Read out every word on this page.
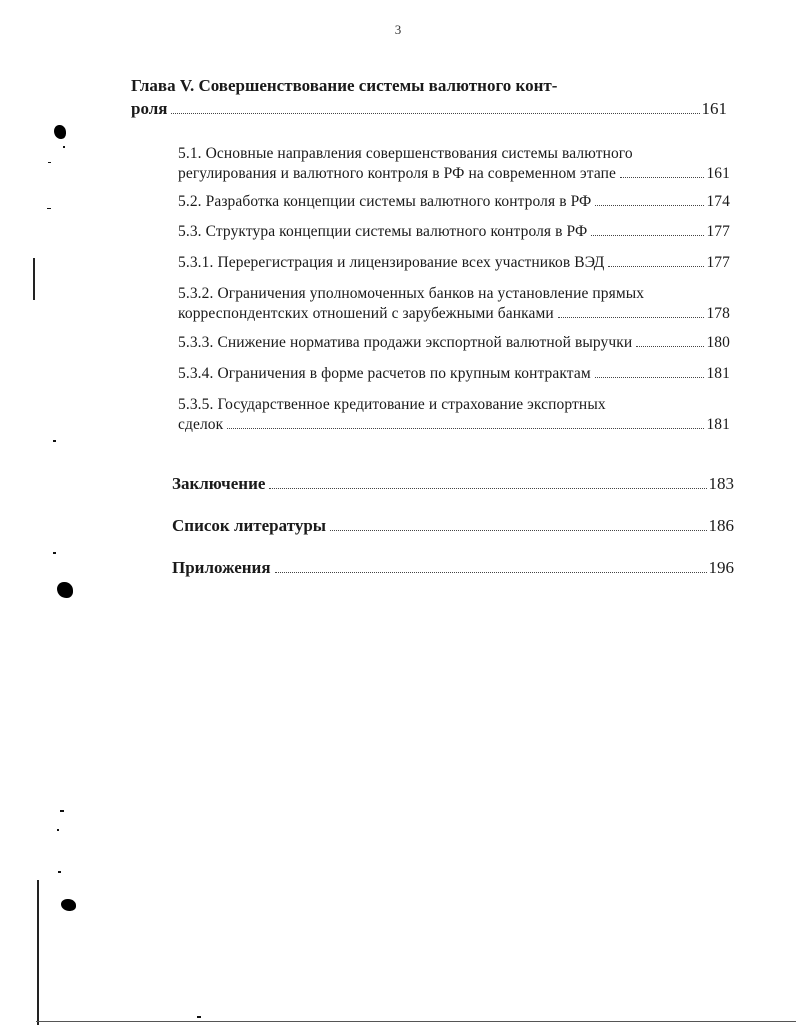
3
Глава V. Совершенствование системы валютного конт-
роля	161
5.1. Основные направления совершенствования системы валютного
регулирования и валютного контроля в РФ на современном этапе	161
5.2. Разработка концепции системы валютного контроля в РФ	174
5.3. Структура концепции системы валютного контроля в РФ	177
5.3.1. Перерегистрация и лицензирование всех участников ВЭД	177
5.3.2. Ограничения уполномоченных банков на установление прямых
корреспондентских отношений с зарубежными банками	178
5.3.3. Снижение норматива продажи экспортной валютной выручки	180
5.3.4. Ограничения в форме расчетов по крупным контрактам	181
5.3.5. Государственное кредитование и страхование экспортных
сделок	181
Заключение	183
Список литературы	186
Приложения	196
